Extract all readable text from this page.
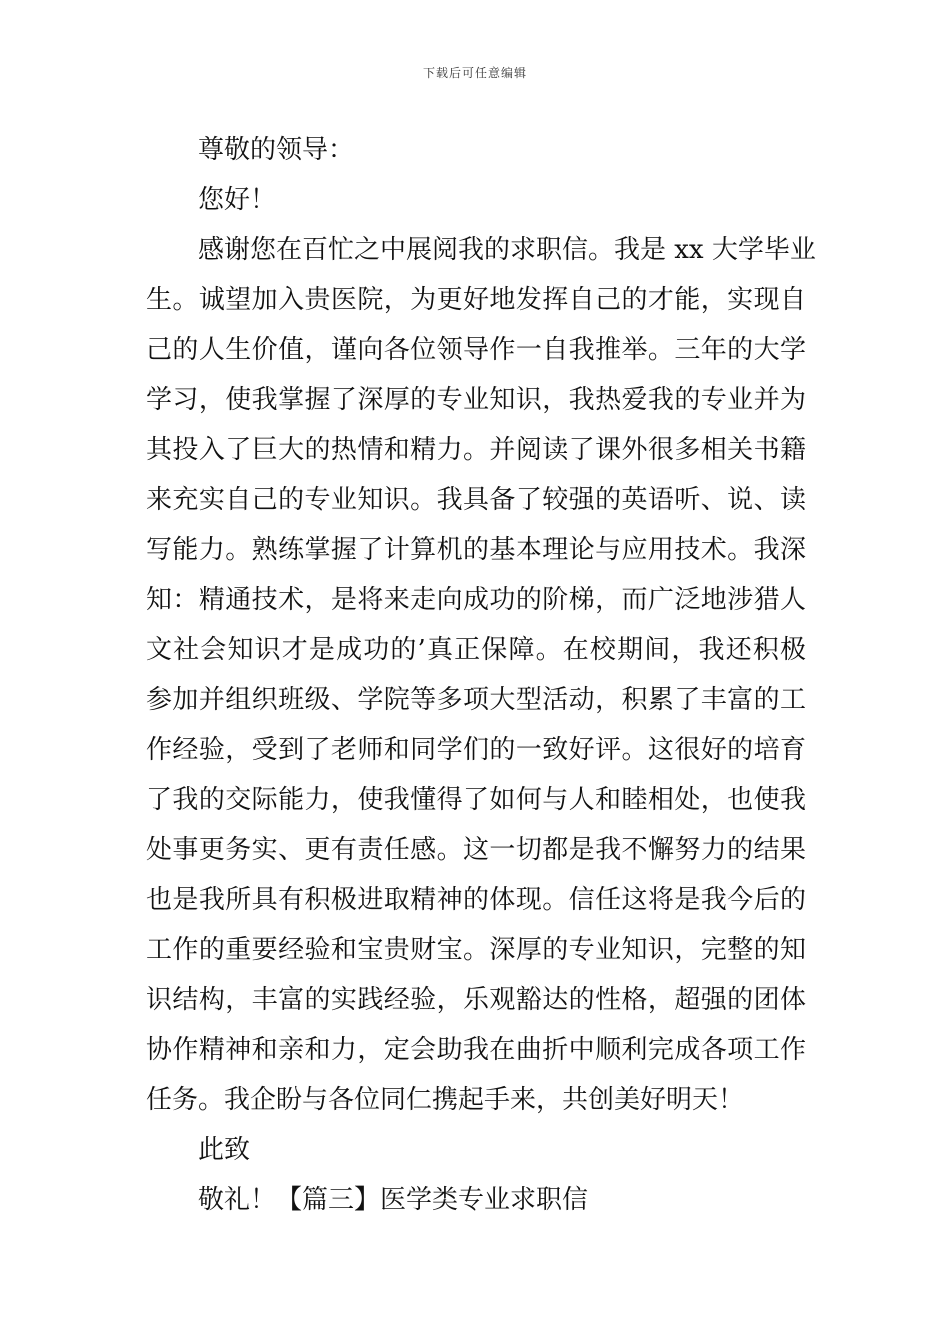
下载后可任意编辑
尊敬的领导：
您好！
感谢您在百忙之中展阅我的求职信。我是 xx 大学毕业
生。诚望加入贵医院，为更好地发挥自己的才能，实现自
己的人生价值，谨向各位领导作一自我推举。三年的大学
学习，使我掌握了深厚的专业知识，我热爱我的专业并为
其投入了巨大的热情和精力。并阅读了课外很多相关书籍
来充实自己的专业知识。我具备了较强的英语听、说、读
写能力。熟练掌握了计算机的基本理论与应用技术。我深
知：精通技术，是将来走向成功的阶梯，而广泛地涉猎人
文社会知识才是成功的’真正保障。在校期间，我还积极
参加并组织班级、学院等多项大型活动，积累了丰富的工
作经验，受到了老师和同学们的一致好评。这很好的培育
了我的交际能力，使我懂得了如何与人和睦相处，也使我
处事更务实、更有责任感。这一切都是我不懈努力的结果
也是我所具有积极进取精神的体现。信任这将是我今后的
工作的重要经验和宝贵财宝。深厚的专业知识，完整的知
识结构，丰富的实践经验，乐观豁达的性格，超强的团体
协作精神和亲和力，定会助我在曲折中顺利完成各项工作
任务。我企盼与各位同仁携起手来，共创美好明天！
此致
敬礼！【篇三】医学类专业求职信
